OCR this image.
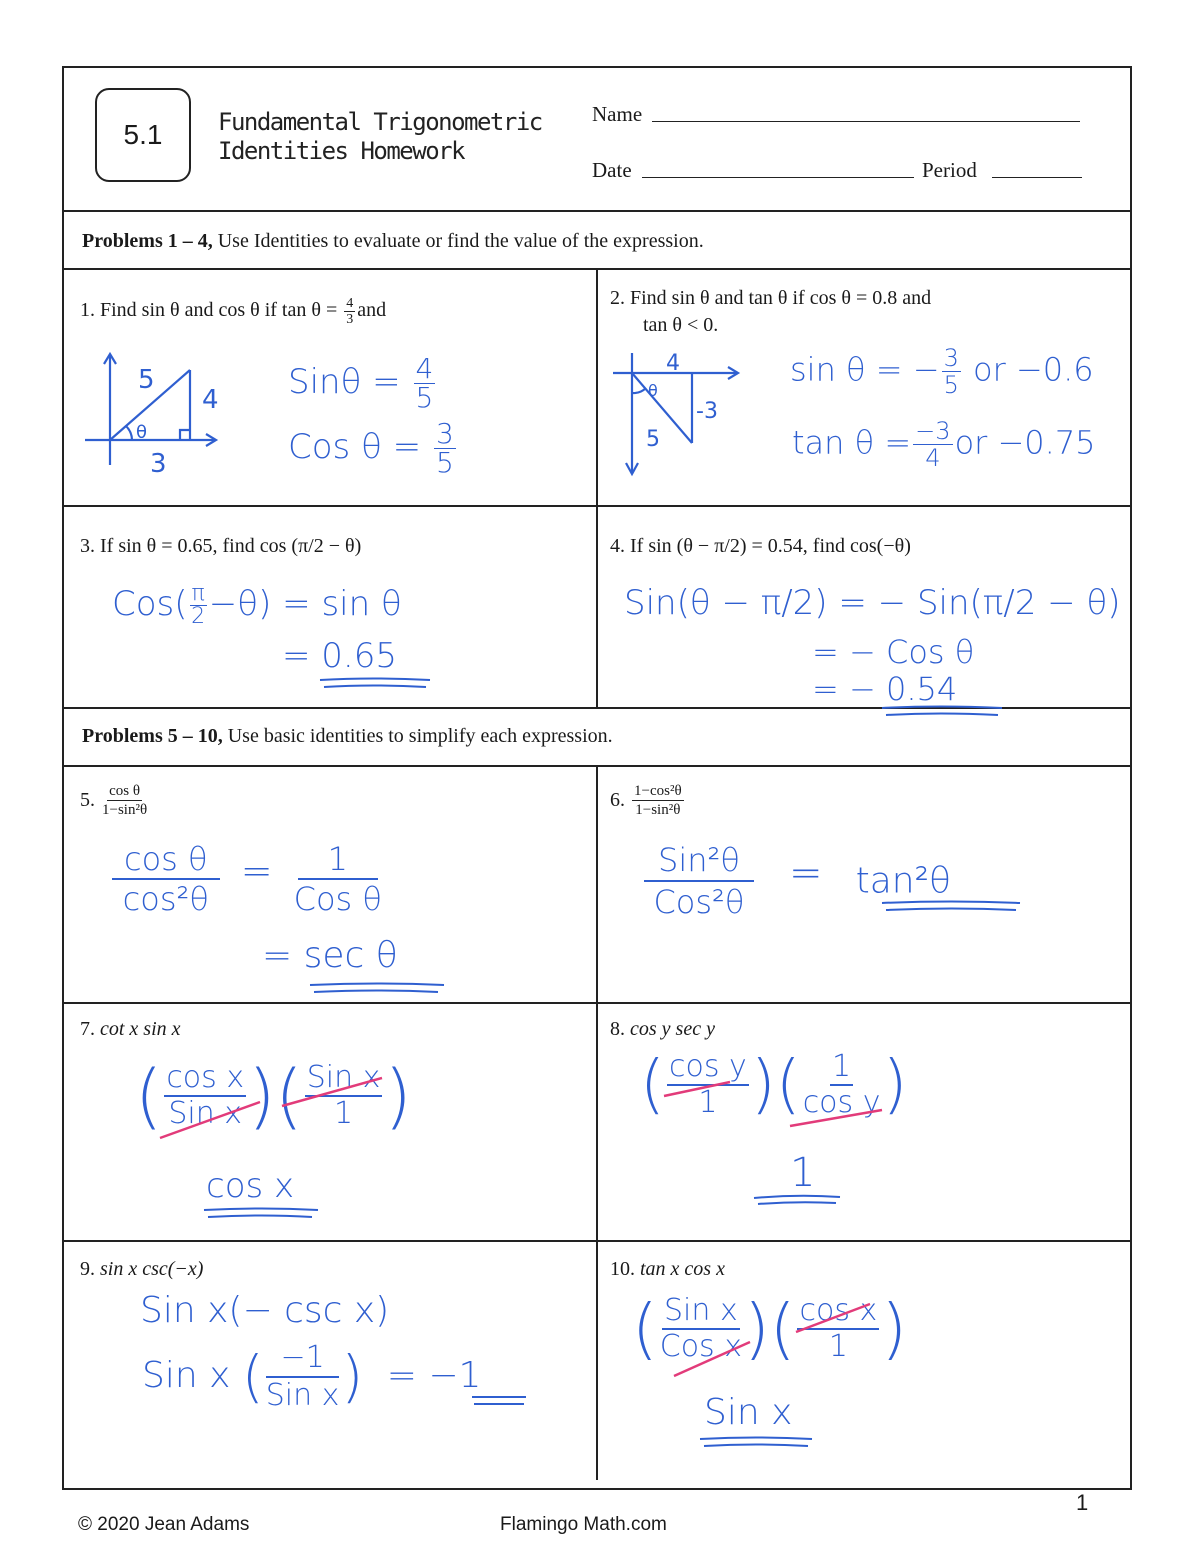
5.1	Fundamental Trigonometric
Identities Homework
Name
Date	Period
Problems 1 – 4, Use Identities to evaluate or find the value of the expression.
Problems 5 – 10, Use basic identities to simplify each expression.
1. Find sin θ and cos θ if $\tan \theta = \frac{4}{3}$ and
5
4
3
θ
$Sin\theta = \frac{4}{5}$
Cos $\theta = \frac{3}{5}$
2. Find sin θ and tan θ if cos θ = 0.8 and
tan θ < 0.
4
-3
5
θ
sin θ = − $\frac{3}{5}$ or −0.6
$\tan \theta = \frac{-3}{4}$ or −0.75
3. If sin θ = 0.65, find cos (π/2 − θ)
$Cos( \frac{\pi}{2} -\theta) = \sin \theta$
= 0.65
4. If sin (θ − π/2) = 0.54, find cos(−θ)
Sin(θ − π/2) = − Sin(π/2 − θ)
= − Cos θ
= − 0.54
5. $\frac{\text{cos θ}}{\text{1−sin²θ}}$
$\frac{\text{cos θ}}{\text{cos²θ}} = \frac{1}{\text{Cos θ}}$
= sec θ
6. $\frac{\text{1−cos²θ}}{\text{1−sin²θ}}$
$\frac{\text{Sin²θ}}{\text{Cos²θ}} = \tan^2\theta$
7. cot x sin x
( $\frac{\text{cos x}}{\text{Sin x}}$ )( $\frac{\text{Sin x}}{1}$ )
cos x
8. cos y sec y
( $\frac{\text{cos y}}{1}$ )( $\frac{1}{\text{cos y}}$ )
1
9. sin x csc(−x)
Sin x(− csc x)
Sin x ( $\frac{-1}{\text{Sin x}}$ ) = −1
10. tan x cos x
( $\frac{\text{Sin x}}{\text{Cos x}}$ )( $\frac{\text{cos x}}{1}$ )
Sin x
© 2020 Jean Adams	Flamingo Math.com
1
